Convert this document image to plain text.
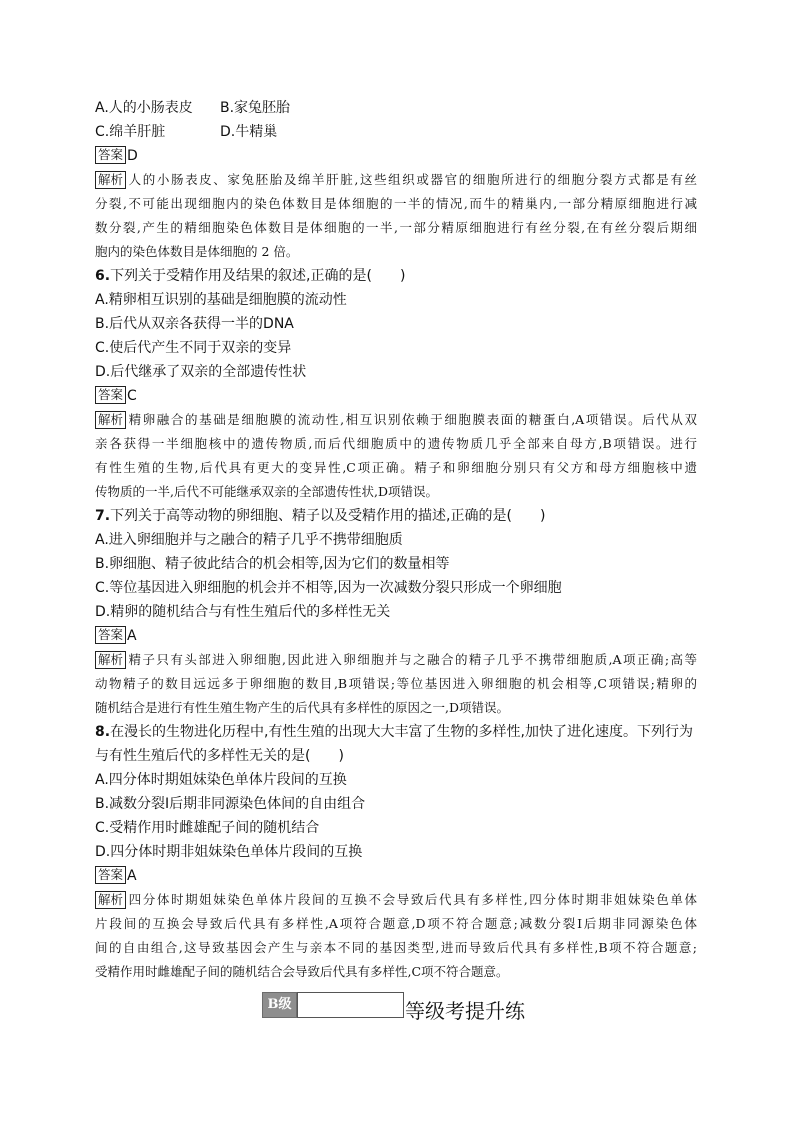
A.人的小肠表皮 B.家兔胚胎
C.绵羊肝脏	D.牛精巢
答案 D
解析 人的小肠表皮、家兔胚胎及绵羊肝脏,这些组织或器官的细胞所进行的细胞分裂方式都是有丝
分裂,不可能出现细胞内的染色体数目是体细胞的一半的情况,而牛的精巢内,一部分精原细胞进行减
数分裂,产生的精细胞染色体数目是体细胞的一半,一部分精原细胞进行有丝分裂,在有丝分裂后期细
胞内的染色体数目是体细胞的 2 倍。
6.下列关于受精作用及结果的叙述,正确的是(　　)
A.精卵相互识别的基础是细胞膜的流动性
B.后代从双亲各获得一半的DNA
C.使后代产生不同于双亲的变异
D.后代继承了双亲的全部遗传性状
答案 C
解析 精卵融合的基础是细胞膜的流动性,相互识别依赖于细胞膜表面的糖蛋白,A项错误。后代从双
亲各获得一半细胞核中的遗传物质,而后代细胞质中的遗传物质几乎全部来自母方,B项错误。进行
有性生殖的生物,后代具有更大的变异性,C项正确。精子和卵细胞分别只有父方和母方细胞核中遗
传物质的一半,后代不可能继承双亲的全部遗传性状,D项错误。
7.下列关于高等动物的卵细胞、精子以及受精作用的描述,正确的是(　　)
A.进入卵细胞并与之融合的精子几乎不携带细胞质
B.卵细胞、精子彼此结合的机会相等,因为它们的数量相等
C.等位基因进入卵细胞的机会并不相等,因为一次减数分裂只形成一个卵细胞
D.精卵的随机结合与有性生殖后代的多样性无关
答案 A
解析 精子只有头部进入卵细胞,因此进入卵细胞并与之融合的精子几乎不携带细胞质,A项正确;高等
动物精子的数目远远多于卵细胞的数目,B项错误;等位基因进入卵细胞的机会相等,C项错误;精卵的
随机结合是进行有性生殖生物产生的后代具有多样性的原因之一,D项错误。
8.在漫长的生物进化历程中,有性生殖的出现大大丰富了生物的多样性,加快了进化速度。下列行为
与有性生殖后代的多样性无关的是(　　)
A.四分体时期姐妹染色单体片段间的互换
B.减数分裂Ⅰ后期非同源染色体间的自由组合
C.受精作用时雌雄配子间的随机结合
D.四分体时期非姐妹染色单体片段间的互换
答案 A
解析 四分体时期姐妹染色单体片段间的互换不会导致后代具有多样性,四分体时期非姐妹染色单体
片段间的互换会导致后代具有多样性,A项符合题意,D项不符合题意;减数分裂Ⅰ后期非同源染色体
间的自由组合,这导致基因会产生与亲本不同的基因类型,进而导致后代具有多样性,B项不符合题意;
受精作用时雌雄配子间的随机结合会导致后代具有多样性,C项不符合题意。
B级	等级考提升练
